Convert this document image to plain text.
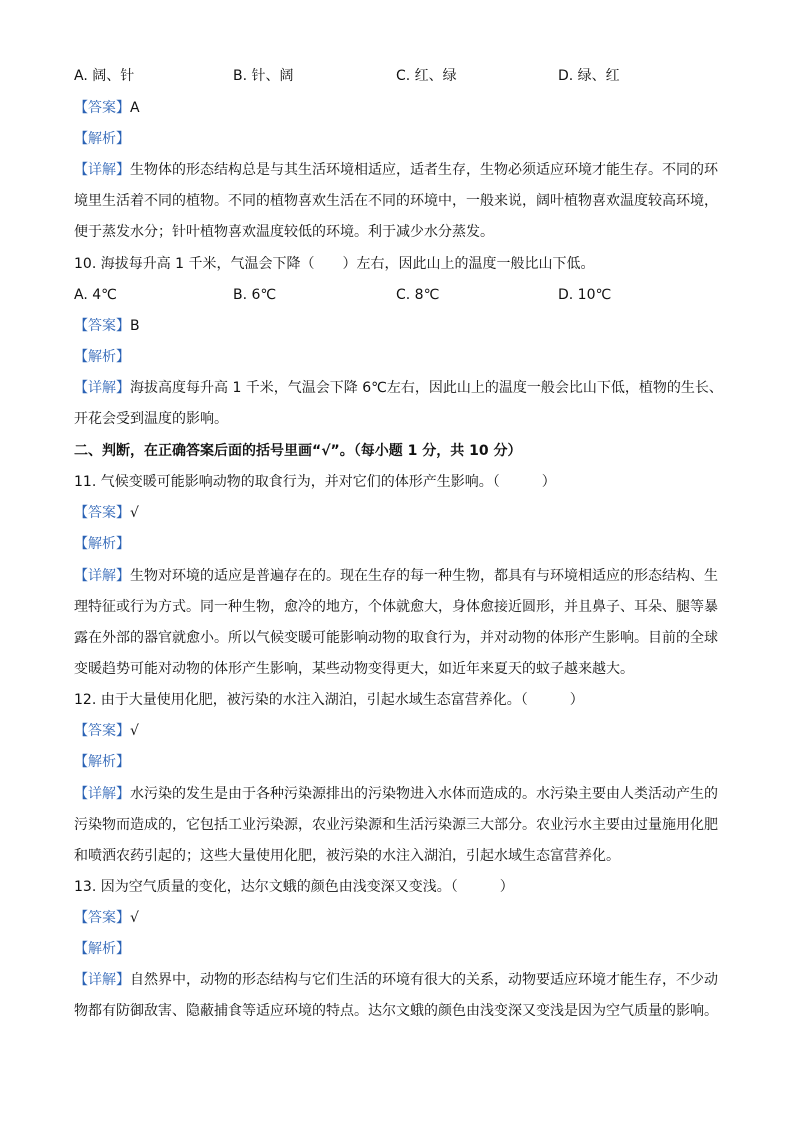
A. 阔、针	B. 针、阔	C. 红、绿	D. 绿、红
【答案】A
【解析】
【详解】生物体的形态结构总是与其生活环境相适应，适者生存，生物必须适应环境才能生存。不同的环
境里生活着不同的植物。不同的植物喜欢生活在不同的环境中，一般来说，阔叶植物喜欢温度较高环境，
便于蒸发水分；针叶植物喜欢温度较低的环境。利于减少水分蒸发。
10. 海拔每升高 1 千米，气温会下降（　　）左右，因此山上的温度一般比山下低。
A. 4℃	B. 6℃	C. 8℃	D. 10℃
【答案】B
【解析】
【详解】海拔高度每升高 1 千米，气温会下降 6℃左右，因此山上的温度一般会比山下低，植物的生长、
开花会受到温度的影响。
二、判断，在正确答案后面的括号里画“√”。（每小题 1 分，共 10 分）
11. 气候变暖可能影响动物的取食行为，并对它们的体形产生影响。（　　　）
【答案】√
【解析】
【详解】生物对环境的适应是普遍存在的。现在生存的每一种生物，都具有与环境相适应的形态结构、生
理特征或行为方式。同一种生物，愈冷的地方，个体就愈大，身体愈接近圆形，并且鼻子、耳朵、腿等暴
露在外部的器官就愈小。所以气候变暖可能影响动物的取食行为，并对动物的体形产生影响。目前的全球
变暖趋势可能对动物的体形产生影响，某些动物变得更大，如近年来夏天的蚊子越来越大。
12. 由于大量使用化肥，被污染的水注入湖泊，引起水域生态富营养化。（　　　）
【答案】√
【解析】
【详解】水污染的发生是由于各种污染源排出的污染物进入水体而造成的。水污染主要由人类活动产生的
污染物而造成的，它包括工业污染源，农业污染源和生活污染源三大部分。农业污水主要由过量施用化肥
和喷洒农药引起的；这些大量使用化肥，被污染的水注入湖泊，引起水域生态富营养化。
13. 因为空气质量的变化，达尔文蛾的颜色由浅变深又变浅。（　　　）
【答案】√
【解析】
【详解】自然界中，动物的形态结构与它们生活的环境有很大的关系，动物要适应环境才能生存，不少动
物都有防御敌害、隐蔽捕食等适应环境的特点。达尔文蛾的颜色由浅变深又变浅是因为空气质量的影响。
